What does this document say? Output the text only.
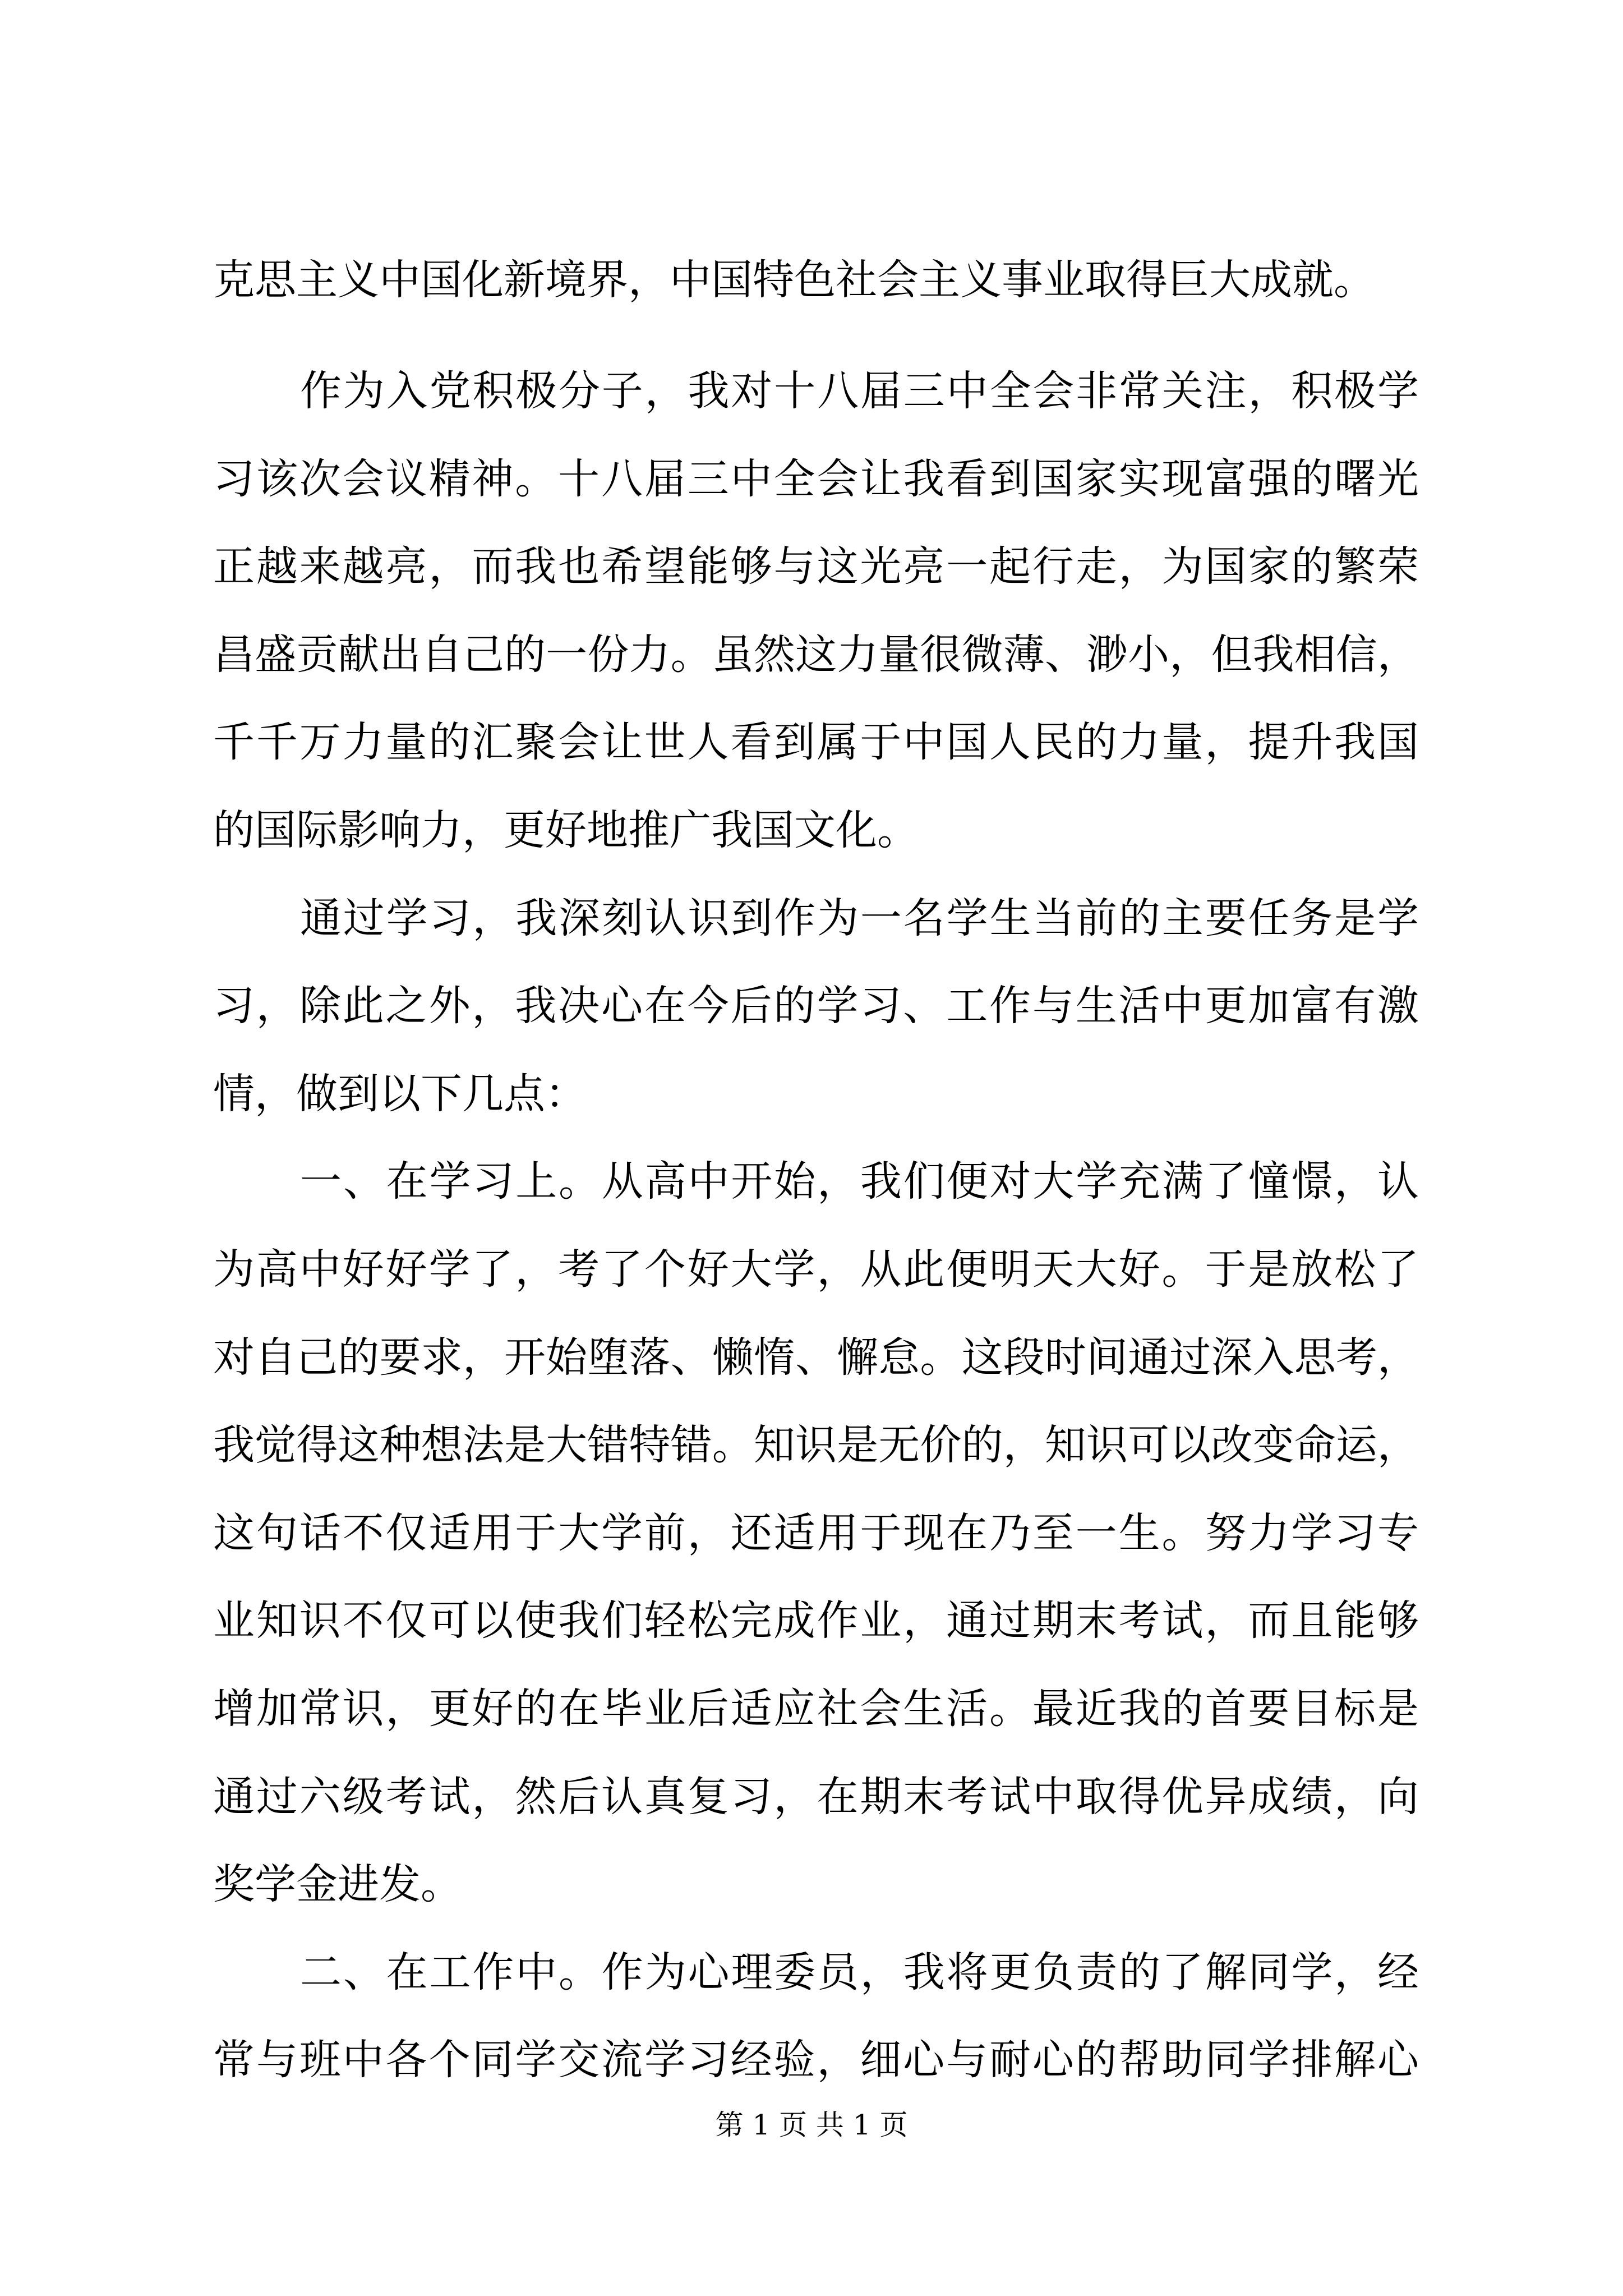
克思主义中国化新境界，中国特色社会主义事业取得巨大成就。
作为入党积极分子，我对十八届三中全会非常关注，积极学
习该次会议精神。十八届三中全会让我看到国家实现富强的曙光
正越来越亮，而我也希望能够与这光亮一起行走，为国家的繁荣
昌盛贡献出自己的一份力。虽然这力量很微薄、渺小，但我相信，
千千万力量的汇聚会让世人看到属于中国人民的力量，提升我国
的国际影响力，更好地推广我国文化。
通过学习，我深刻认识到作为一名学生当前的主要任务是学
习，除此之外，我决心在今后的学习、工作与生活中更加富有激
情，做到以下几点：
一、在学习上。从高中开始，我们便对大学充满了憧憬，认
为高中好好学了，考了个好大学，从此便明天大好。于是放松了
对自己的要求，开始堕落、懒惰、懈怠。这段时间通过深入思考，
我觉得这种想法是大错特错。知识是无价的，知识可以改变命运，
这句话不仅适用于大学前，还适用于现在乃至一生。努力学习专
业知识不仅可以使我们轻松完成作业，通过期末考试，而且能够
增加常识，更好的在毕业后适应社会生活。最近我的首要目标是
通过六级考试，然后认真复习，在期末考试中取得优异成绩，向
奖学金进发。
二、在工作中。作为心理委员，我将更负责的了解同学，经
常与班中各个同学交流学习经验，细心与耐心的帮助同学排解心
第 1 页 共 1 页
